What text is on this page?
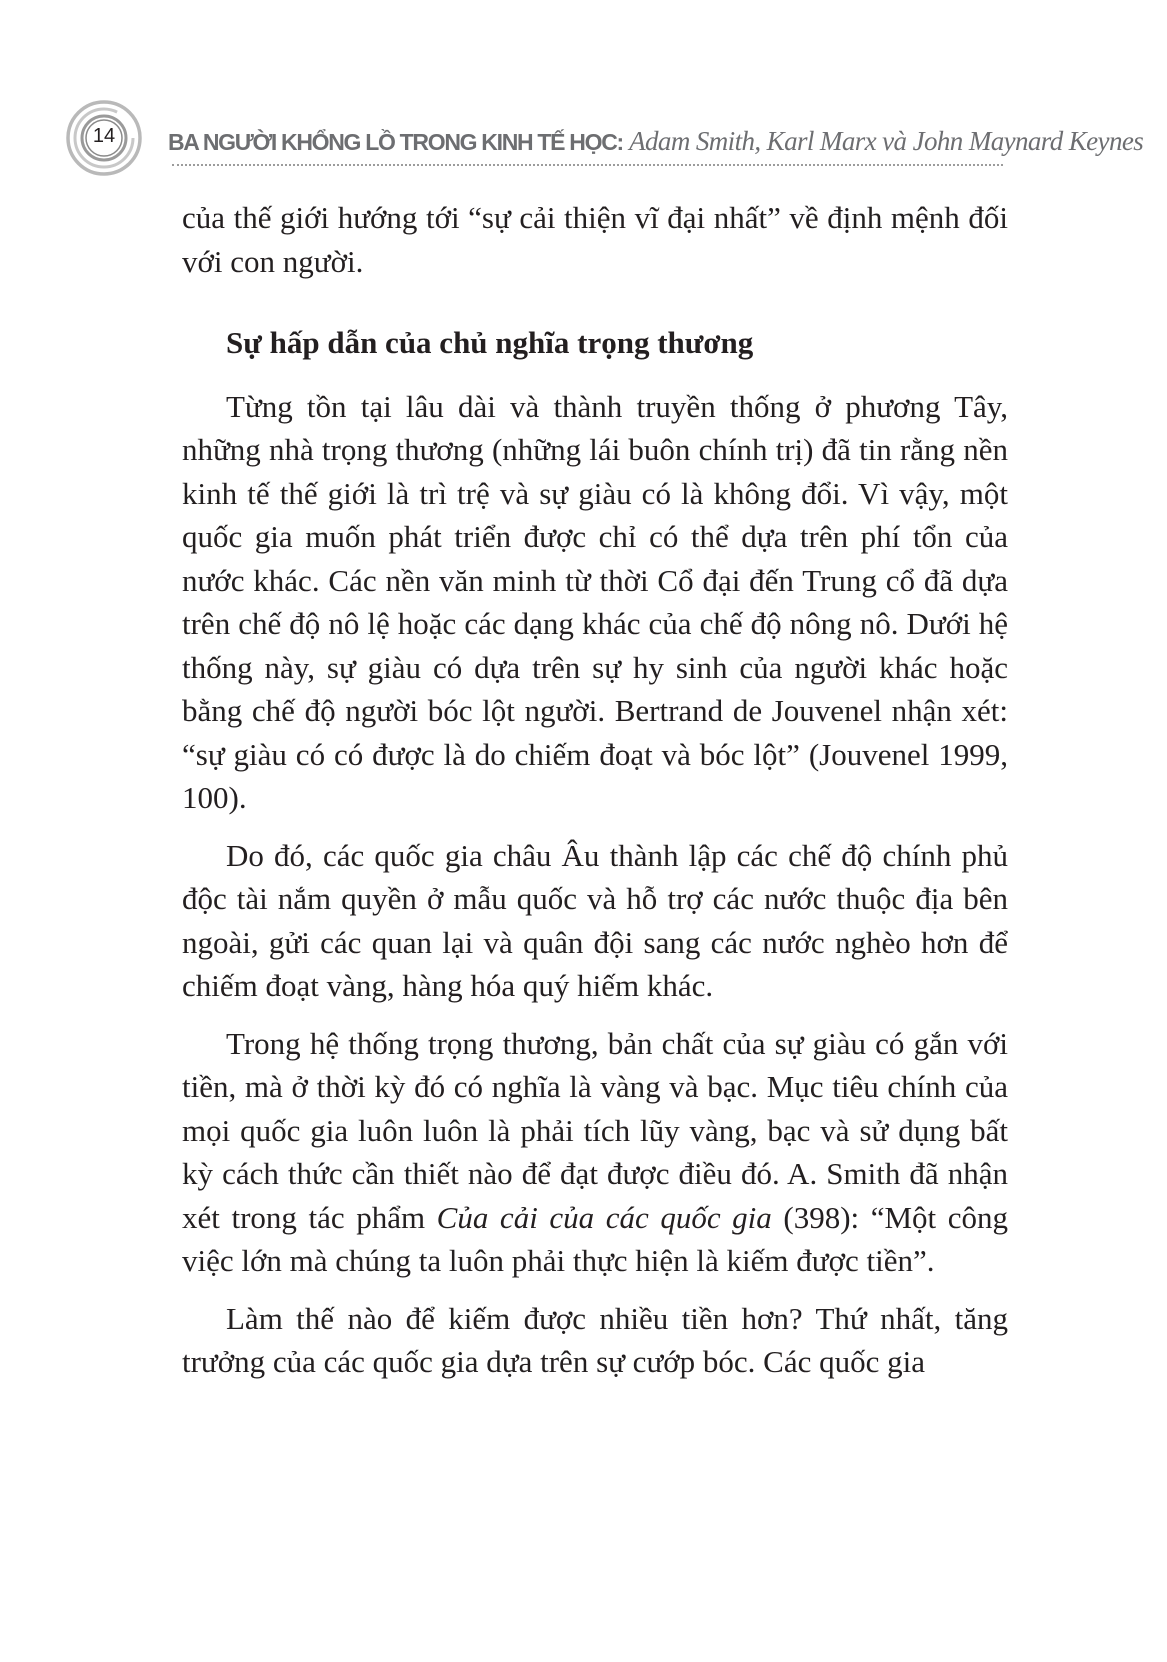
14	BA NGƯỜI KHỔNG LỒ TRONG KINH TẾ HỌC: Adam Smith, Karl Marx và John Maynard Keynes

của thế giới hướng tới “sự cải thiện vĩ đại nhất” về định mệnh đối với con người.

Sự hấp dẫn của chủ nghĩa trọng thương

Từng tồn tại lâu dài và thành truyền thống ở phương Tây, những nhà trọng thương (những lái buôn chính trị) đã tin rằng nền kinh tế thế giới là trì trệ và sự giàu có là không đổi. Vì vậy, một quốc gia muốn phát triển được chỉ có thể dựa trên phí tổn của nước khác. Các nền văn minh từ thời Cổ đại đến Trung cổ đã dựa trên chế độ nô lệ hoặc các dạng khác của chế độ nông nô. Dưới hệ thống này, sự giàu có dựa trên sự hy sinh của người khác hoặc bằng chế độ người bóc lột người. Bertrand de Jouvenel nhận xét: “sự giàu có có được là do chiếm đoạt và bóc lột” (Jouvenel 1999, 100).

Do đó, các quốc gia châu Âu thành lập các chế độ chính phủ độc tài nắm quyền ở mẫu quốc và hỗ trợ các nước thuộc địa bên ngoài, gửi các quan lại và quân đội sang các nước nghèo hơn để chiếm đoạt vàng, hàng hóa quý hiếm khác.

Trong hệ thống trọng thương, bản chất của sự giàu có gắn với tiền, mà ở thời kỳ đó có nghĩa là vàng và bạc. Mục tiêu chính của mọi quốc gia luôn luôn là phải tích lũy vàng, bạc và sử dụng bất kỳ cách thức cần thiết nào để đạt được điều đó. A. Smith đã nhận xét trong tác phẩm Của cải của các quốc gia (398): “Một công việc lớn mà chúng ta luôn phải thực hiện là kiếm được tiền”.

Làm thế nào để kiếm được nhiều tiền hơn? Thứ nhất, tăng trưởng của các quốc gia dựa trên sự cướp bóc. Các quốc gia
